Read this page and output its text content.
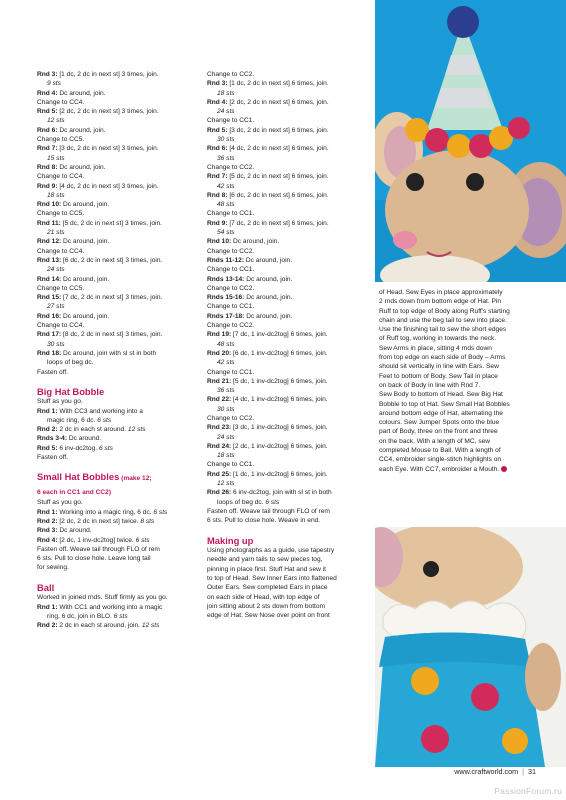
Rnd 3: [1 dc, 2 dc in next st] 3 times, join.
9 sts
Rnd 4: Dc around, join.
Change to CC4.
Rnd 5: [2 dc, 2 dc in next st] 3 times, join.
12 sts
Rnd 6: Dc around, join.
Change to CC5.
Rnd 7: [3 dc, 2 dc in next st] 3 times, join.
15 sts
Rnd 8: Dc around, join.
Change to CC4.
Rnd 9: [4 dc, 2 dc in next st] 3 times, join.
18 sts
Rnd 10: Dc around, join.
Change to CC5.
Rnd 11: [5 dc, 2 dc in next st] 3 times, join.
21 sts
Rnd 12: Dc around, join.
Change to CC4.
Rnd 13: [6 dc, 2 dc in next st] 3 times, join.
24 sts
Rnd 14: Dc around, join.
Change to CC5.
Rnd 15: [7 dc, 2 dc in next st] 3 times, join.
27 sts
Rnd 16: Dc around, join.
Change to CC4.
Rnd 17: [8 dc, 2 dc in next st] 3 times, join.
30 sts
Rnd 18: Dc around, join with sl st in both
loops of beg dc.
Fasten off.
Big Hat Bobble
Stuff as you go.
Rnd 1: With CC3 and working into a
magic ring, 6 dc. 6 sts
Rnd 2: 2 dc in each st around. 12 sts
Rnds 3-4: Dc around.
Rnd 5: 6 inv-dc2tog. 6 sts
Fasten off.
Small Hat Bobbles (make 12;
6 each in CC1 and CC2)
Stuff as you go.
Rnd 1: Working into a magic ring, 6 dc. 6 sts
Rnd 2: [2 dc, 2 dc in next st] twice. 8 sts
Rnd 3: Dc around.
Rnd 4: [2 dc, 1 inv-dc2tog] twice. 6 sts
Fasten off. Weave tail through FLO of rem
6 sts. Pull to close hole. Leave long tail
for sewing.
Ball
Worked in joined rnds. Stuff firmly as you go.
Rnd 1: With CC1 and working into a magic
ring, 6 dc, join in BLO. 6 sts
Rnd 2: 2 dc in each st around, join. 12 sts
Change to CC2.
Rnd 3: [1 dc, 2 dc in next st] 6 times, join.
18 sts
Rnd 4: [2 dc, 2 dc in next st] 6 times, join.
24 sts
Change to CC1.
Rnd 5: [3 dc, 2 dc in next st] 6 times, join.
30 sts
Rnd 6: [4 dc, 2 dc in next st] 6 times, join.
36 sts
Change to CC2.
Rnd 7: [5 dc, 2 dc in next st] 6 times, join.
42 sts
Rnd 8: [6 dc, 2 dc in next st] 6 times, join.
48 sts
Change to CC1.
Rnd 9: [7 dc, 2 dc in next st] 6 times, join.
54 sts
Rnd 10: Dc around, join.
Change to CC2.
Rnds 11-12: Dc around, join.
Change to CC1.
Rnds 13-14: Dc around, join.
Change to CC2.
Rnds 15-16: Dc around, join.
Change to CC1.
Rnds 17-18: Dc around, join.
Change to CC2.
Rnd 19: [7 dc, 1 inv-dc2tog] 6 times, join.
48 sts
Rnd 20: [6 dc, 1 inv-dc2tog] 6 times, join.
42 sts
Change to CC1.
Rnd 21: [5 dc, 1 inv-dc2tog] 6 times, join.
36 sts
Rnd 22: [4 dc, 1 inv-dc2tog] 6 times, join.
30 sts
Change to CC2.
Rnd 23: [3 dc, 1 inv-dc2tog] 6 times, join.
24 sts
Rnd 24: [2 dc, 1 inv-dc2tog] 6 times, join.
18 sts
Change to CC1.
Rnd 25: [1 dc, 1 inv-dc2tog] 6 times, join.
12 sts
Rnd 26: 6 inv-dc2tog, join with sl st in both
loops of beg dc. 6 sts
Fasten off. Weave tail through FLO of rem
6 sts. Pull to close hole. Weave in end.
Making up
Using photographs as a guide, use tapestry
needle and yarn tails to sew pieces tog,
pinning in place first. Stuff Hat and sew it
to top of Head. Sew Inner Ears into flattened
Outer Ears. Sew completed Ears in place
on each side of Head, with top edge of
join sitting about 2 sts down from bottom
edge of Hat. Sew Nose over point on front
of Head. Sew Eyes in place approximately
2 rnds down from bottom edge of Hat. Pin
Ruff to top edge of Body along Ruff's starting
chain and use the beg tail to sew into place.
Use the finishing tail to sew the short edges
of Ruff tog, working in towards the neck.
Sew Arms in place, sitting 4 rnds down
from top edge on each side of Body – Arms
should sit vertically in line with Ears. Sew
Feet to bottom of Body. Sew Tail in place
on back of Body in line with Rnd 7.
Sew Body to bottom of Head. Sew Big Hat
Bobble to top of Hat. Sew Small Hat Bobbles
around bottom edge of Hat, alternating the
colours. Sew Jumper Spots onto the blue
part of Body, three on the front and three
on the back. With a length of MC, sew
completed Mouse to Ball. With a length of
CC4, embroider single-stitch highlights on
each Eye. With CC7, embroider a Mouth.
www.craftworld.com | 31
PassionForum.ru
